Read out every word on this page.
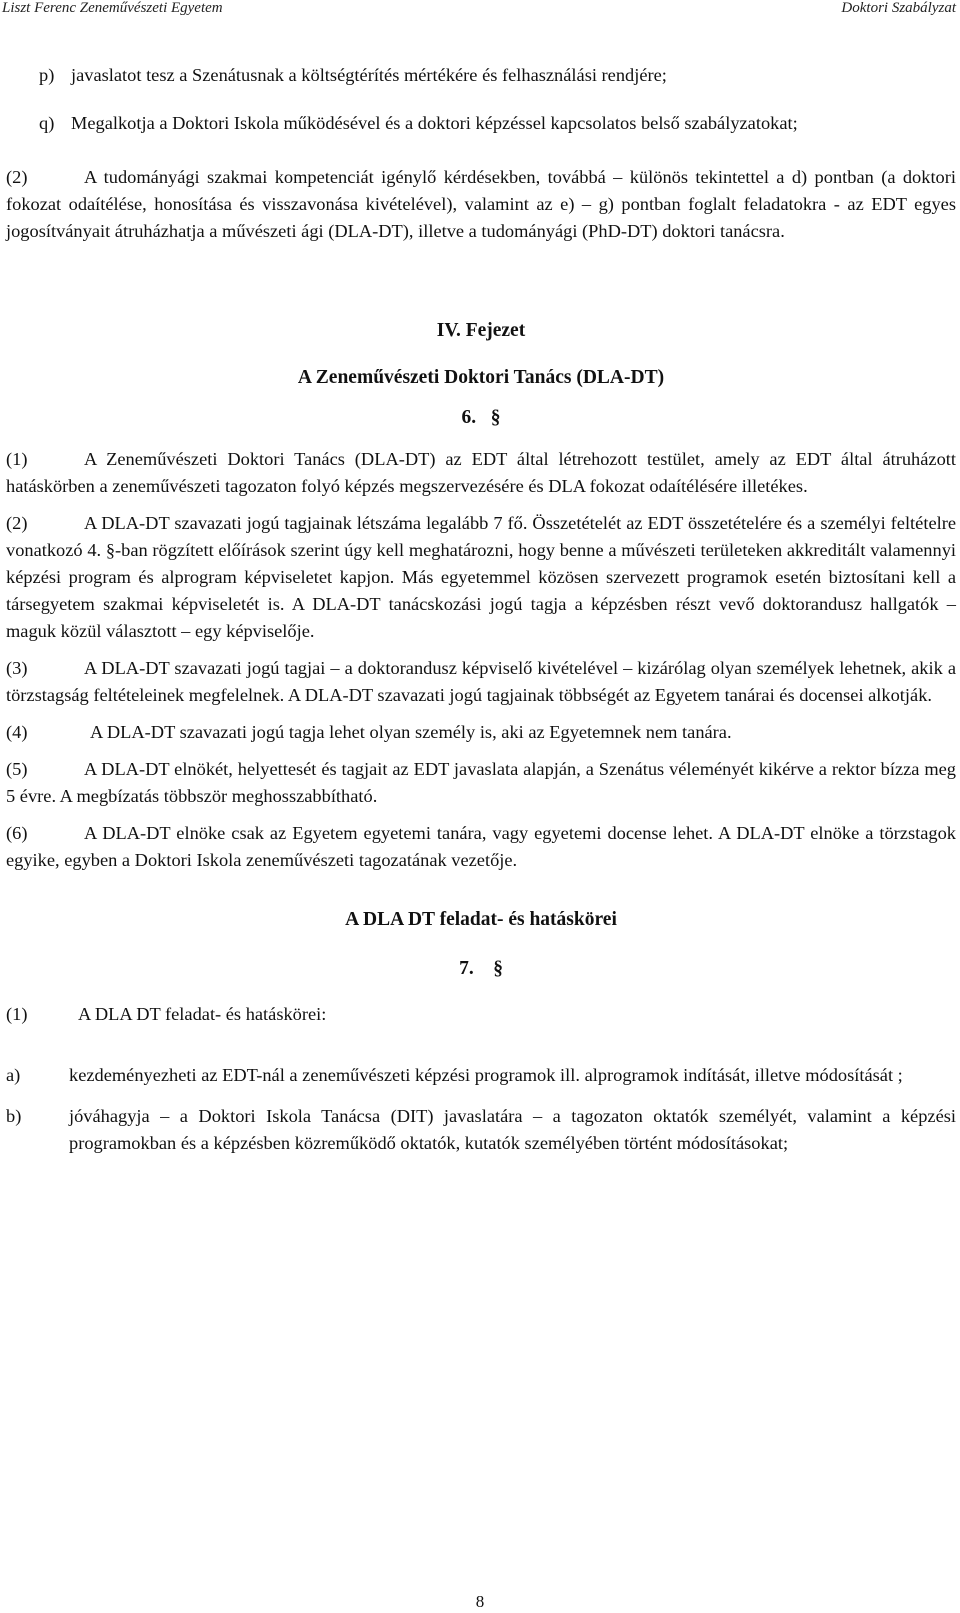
Liszt Ferenc Zeneművészeti Egyetem	Doktori Szabályzat
p) javaslatot tesz a Szenátusnak a költségtérítés mértékére és felhasználási rendjére;
q) Megalkotja a Doktori Iskola működésével és a doktori képzéssel kapcsolatos belső szabályzatokat;

(2)	A tudományági szakmai kompetenciát igénylő kérdésekben, továbbá – különös tekintettel a d) pontban (a doktori fokozat odaítélése, honosítása és visszavonása kivételével), valamint az e) – g) pontban foglalt feladatokra - az EDT egyes jogosítványait átruházhatja a művészeti ági (DLA-DT), illetve a tudományági (PhD-DT) doktori tanácsra.

IV. Fejezet
A Zeneművészeti Doktori Tanács (DLA-DT)
6. §

(1)	A Zeneművészeti Doktori Tanács (DLA-DT) az EDT által létrehozott testület, amely az EDT által átruházott hatáskörben a zeneművészeti tagozaton folyó képzés megszervezésére és DLA fokozat odaítélésére illetékes.

(2)	A DLA-DT szavazati jogú tagjainak létszáma legalább 7 fő. Összetételét az EDT összetételére és a személyi feltételre vonatkozó 4. §-ban rögzített előírások szerint úgy kell meghatározni, hogy benne a művészeti területeken akkreditált valamennyi képzési program és alprogram képviseletet kapjon. Más egyetemmel közösen szervezett programok esetén biztosítani kell a társegyetem szakmai képviseletét is. A DLA-DT tanácskozási jogú tagja a képzésben részt vevő doktorandusz hallgatók – maguk közül választott – egy képviselője.

(3)	A DLA-DT szavazati jogú tagjai – a doktorandusz képviselő kivételével – kizárólag olyan személyek lehetnek, akik a törzstagság feltételeinek megfelelnek. A DLA-DT szavazati jogú tagjainak többségét az Egyetem tanárai és docensei alkotják.

(4)	A DLA-DT szavazati jogú tagja lehet olyan személy is, aki az Egyetemnek nem tanára.

(5)	A DLA-DT elnökét, helyettesét és tagjait az EDT javaslata alapján, a Szenátus véleményét kikérve a rektor bízza meg 5 évre. A megbízatás többször meghosszabbítható.

(6)	A DLA-DT elnöke csak az Egyetem egyetemi tanára, vagy egyetemi docense lehet. A DLA-DT elnöke a törzstagok egyike, egyben a Doktori Iskola zeneművészeti tagozatának vezetője.

A DLA DT feladat- és hatáskörei
7. §

(1)	A DLA DT feladat- és hatáskörei:

a)	kezdeményezheti az EDT-nál a zeneművészeti képzési programok ill. alprogramok indítását, illetve módosítását ;
b)	jóváhagyja – a Doktori Iskola Tanácsa (DIT) javaslatára – a tagozaton oktatók személyét, valamint a képzési programokban és a képzésben közreműködő oktatók, kutatók személyében történt módosításokat;
8
